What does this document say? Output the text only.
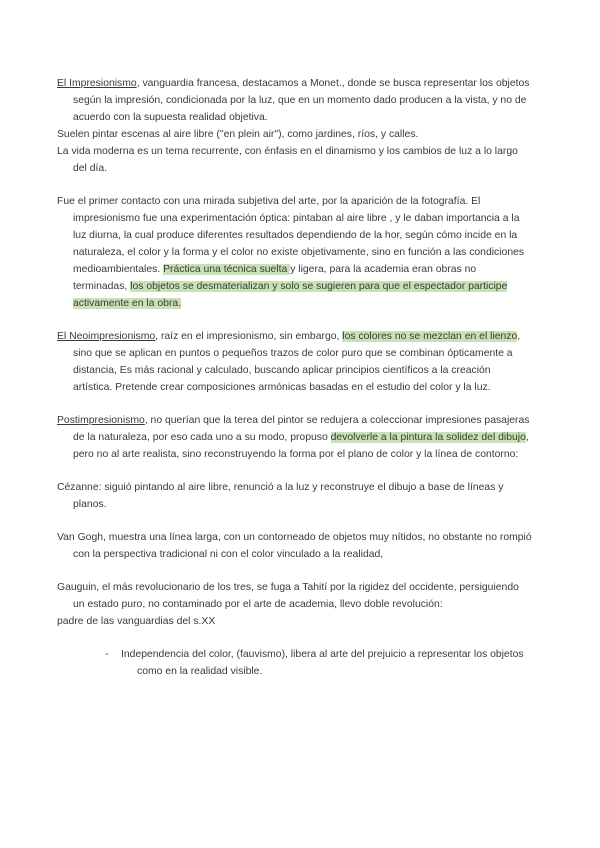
El Impresionismo, vanguardia francesa, destacamos a Monet., donde se busca representar los objetos según la impresión, condicionada por la luz, que en un momento dado producen a la vista, y no de acuerdo con la supuesta realidad objetiva.

Suelen pintar escenas al aire libre ("en plein air"), como jardines, ríos, y calles.

La vida moderna es un tema recurrente, con énfasis en el dinamismo y los cambios de luz a lo largo del día.

Fue el primer contacto con una mirada subjetiva del arte, por la aparición de la fotografía. El impresionismo fue una experimentación óptica: pintaban al aire libre , y le daban importancia a la luz diurna, la cual produce diferentes resultados dependiendo de la hor, según cómo incide en la naturaleza, el color y la forma y el color no existe objetivamente, sino en función a las condiciones medioambientales. Práctica una técnica suelta y ligera, para la academia eran obras no terminadas, los objetos se desmaterializan y solo se sugieren para que el espectador participe activamente en la obra.

El Neoimpresionismo, raíz en el impresionismo, sin embargo, los colores no se mezclan en el lienzo, sino que se aplican en puntos o pequeños trazos de color puro que se combinan ópticamente a distancia, Es más racional y calculado, buscando aplicar principios científicos a la creación artística. Pretende crear composiciones armónicas basadas en el estudio del color y la luz.

Postimpresionismo, no querían que la terea del pintor se redujera a coleccionar impresiones pasajeras de la naturaleza, por eso cada uno a su modo, propuso devolverle a la pintura la solidez del dibujo, pero no al arte realista, sino reconstruyendo la forma por el plano de color y la línea de contorno:

Cézanne: siguió pintando al aire libre, renunció a la luz y reconstruye el dibujo a base de líneas y planos.

Van Gogh, muestra una línea larga, con un contorneado de objetos muy nítidos, no obstante no rompió con la perspectiva tradicional ni con el color vinculado a la realidad,

Gauguin, el más revolucionario de los tres, se fuga a Tahití por la rigidez del occidente, persiguiendo un estado puro, no contaminado por el arte de academia, llevo doble revolución:

padre de las vanguardias del s.XX

- Independencia del color, (fauvismo), libera al arte del prejuicio a representar los objetos como en la realidad visible.
